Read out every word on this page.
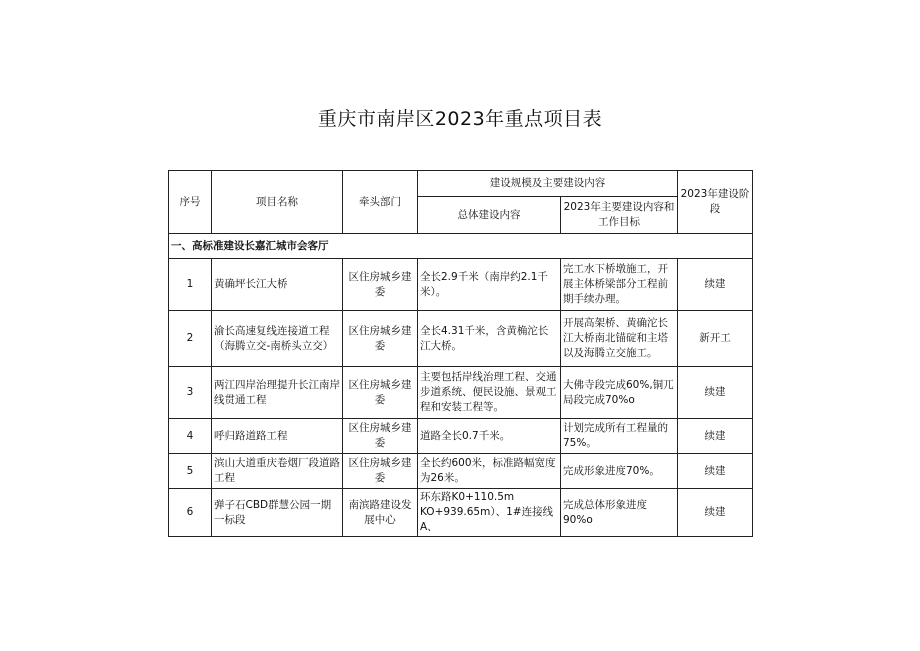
重庆市南岸区2023年重点项目表
序号	项目名称	牵头部门	建设规模及主要建设内容		2023年建设阶段
			总体建设内容	2023年主要建设内容和工作目标	
一、高标准建设长嘉汇城市会客厅					
1	黄确坪长江大桥	区住房城乡建委	全长2.9千米（南岸约2.1千米）。	完工水下桥墩施工，开展主体桥梁部分工程前期手续办理。	续建
2	渝长高速复线连接道工程（海腾立交-南桥头立交）	区住房城乡建委	全长4.31千米，含黄桷沱长江大桥。	开展高架桥、黄确沱长江大桥南北锚碇和主塔以及海腾立交施工。	新开工
3	两江四岸治理提升长江南岸线贯通工程	区住房城乡建委	主要包括岸线治理工程、交通步道系统、便民设施、景观工程和安装工程等。	大佛寺段完成60%,铜兀局段完成70%o	续建
4	呼归路道路工程	区住房城乡建委	道路全长0.7千米。	计划完成所有工程量的75%。	续建
5	滨山大道重庆卷烟厂段道路工程	区住房城乡建委	全长约600米，标准路幅宽度为26米。	完成形象进度70%。	续建
6	弹子石CBD群慧公园一期一标段	南滨路建设发展中心	环东路K0+110.5m KO+939.65m）、1#连接线A、	完成总体形象进度90%o	续建
